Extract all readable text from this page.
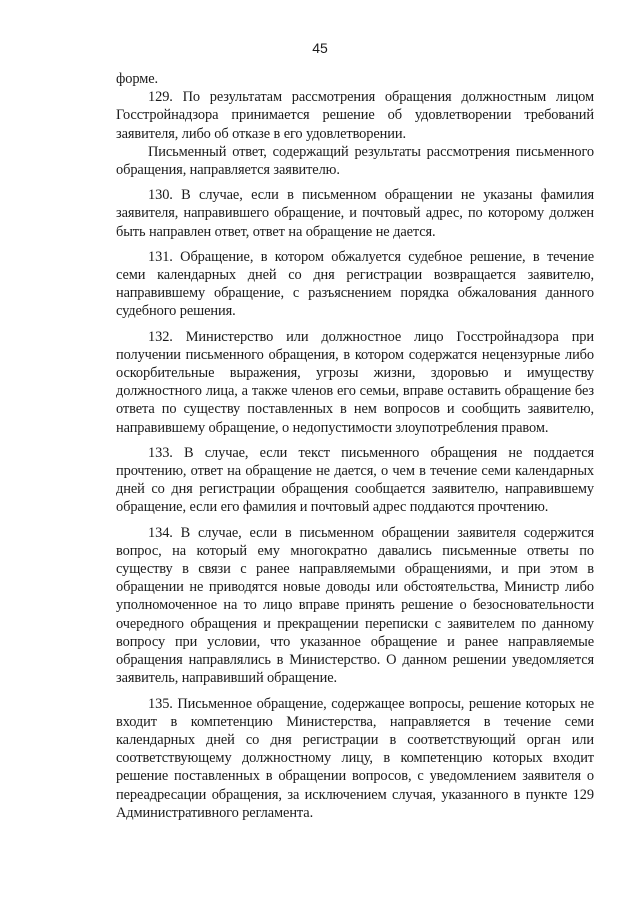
45

форме.

129. По результатам рассмотрения обращения должностным лицом Госстройнадзора принимается решение об удовлетворении требований заявителя, либо об отказе в его удовлетворении.

Письменный ответ, содержащий результаты рассмотрения письменного обращения, направляется заявителю.

130. В случае, если в письменном обращении не указаны фамилия заявителя, направившего обращение, и почтовый адрес, по которому должен быть направлен ответ, ответ на обращение не дается.

131. Обращение, в котором обжалуется судебное решение, в течение семи календарных дней со дня регистрации возвращается заявителю, направившему обращение, с разъяснением порядка обжалования данного судебного решения.

132. Министерство или должностное лицо Госстройнадзора при получении письменного обращения, в котором содержатся нецензурные либо оскорбительные выражения, угрозы жизни, здоровью и имуществу должностного лица, а также членов его семьи, вправе оставить обращение без ответа по существу поставленных в нем вопросов и сообщить заявителю, направившему обращение, о недопустимости злоупотребления правом.

133. В случае, если текст письменного обращения не поддается прочтению, ответ на обращение не дается, о чем в течение семи календарных дней со дня регистрации обращения сообщается заявителю, направившему обращение, если его фамилия и почтовый адрес поддаются прочтению.

134. В случае, если в письменном обращении заявителя содержится вопрос, на который ему многократно давались письменные ответы по существу в связи с ранее направляемыми обращениями, и при этом в обращении не приводятся новые доводы или обстоятельства, Министр либо уполномоченное на то лицо вправе принять решение о безосновательности очередного обращения и прекращении переписки с заявителем по данному вопросу при условии, что указанное обращение и ранее направляемые обращения направлялись в Министерство. О данном решении уведомляется заявитель, направивший обращение.

135. Письменное обращение, содержащее вопросы, решение которых не входит в компетенцию Министерства, направляется в течение семи календарных дней со дня регистрации в соответствующий орган или соответствующему должностному лицу, в компетенцию которых входит решение поставленных в обращении вопросов, с уведомлением заявителя о переадресации обращения, за исключением случая, указанного в пункте 129 Административного регламента.
